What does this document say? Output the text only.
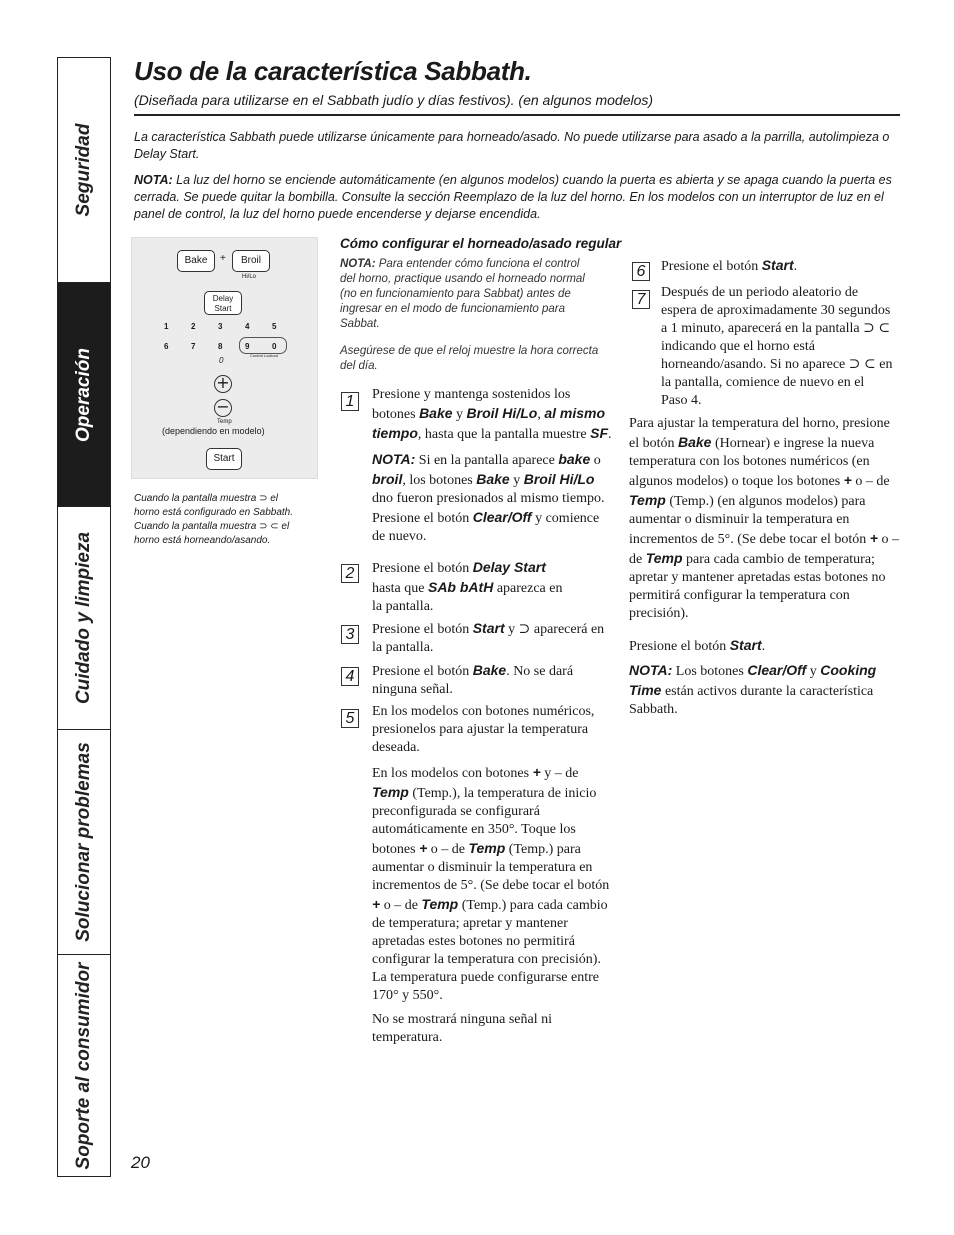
Seguridad
Operación
Cuidado y limpieza
Solucionar problemas
Soporte al consumidor
Uso de la característica Sabbath.
(Diseñada para utilizarse en el Sabbath judío y días festivos). (en algunos modelos)

La característica Sabbath puede utilizarse únicamente para horneado/asado. No puede utilizarse para asado a la parrilla, autolimpieza o Delay Start.

NOTA: La luz del horno se enciende automáticamente (en algunos modelos) cuando la puerta es abierta y se apaga cuando la puerta es cerrada. Se puede quitar la bombilla. Consulte la sección Reemplazo de la luz del horno. En los modelos con un interruptor de luz en el panel de control, la luz del horno puede encenderse y dejarse encendida.

Bake	+	Broil
Hi/Lo
Delay
Start
1	2	3	4	5
6	7	8	9	0
Control Lockout
0
+
−
Temp
(dependiendo en modelo)
Start
Cuando la pantalla muestra ⊃ el horno está configurado en Sabbath. Cuando la pantalla muestra ⊃ ⊂ el horno está horneando/asando.
Cómo configurar el horneado/asado regular
NOTA: Para entender cómo funciona el control del horno, practique usando el horneado normal (no en funcionamiento para Sabbat) antes de ingresar en el modo de funcionamiento para Sabbat.
Asegúrese de que el reloj muestre la hora correcta del día.
1	Presione y mantenga sostenidos los botones Bake y Broil Hi/Lo, al mismo tiempo, hasta que la pantalla muestre SF.
NOTA: Si en la pantalla aparece bake o broil, los botones Bake y Broil Hi/Lo dno fueron presionados al mismo tiempo. Presione el botón Clear/Off y comience de nuevo.
2	Presione el botón Delay Start hasta que SAb bAtH aparezca en la pantalla.
3	Presione el botón Start y ⊃ aparecerá en la pantalla.
4	Presione el botón Bake. No se dará ninguna señal.
5	En los modelos con botones numéricos, presionelos para ajustar la temperatura deseada.
En los modelos con botones + y – de Temp (Temp.), la temperatura de inicio preconfigurada se configurará automáticamente en 350°. Toque los botones + o – de Temp (Temp.) para aumentar o disminuir la temperatura en incrementos de 5°. (Se debe tocar el botón + o – de Temp (Temp.) para cada cambio de temperatura; apretar y mantener apretadas estes botones no permitirá configurar la temperatura con precisión). La temperatura puede configurarse entre 170° y 550°.
No se mostrará ninguna señal ni temperatura.
6	Presione el botón Start.
7	Después de un periodo aleatorio de espera de aproximadamente 30 segundos a 1 minuto, aparecerá en la pantalla ⊃ ⊂ indicando que el horno está horneando/asando. Si no aparece ⊃ ⊂ en la pantalla, comience de nuevo en el Paso 4.
Para ajustar la temperatura del horno, presione el botón Bake (Hornear) e ingrese la nueva temperatura con los botones numéricos (en algunos modelos) o toque los botones + o – de Temp (Temp.) (en algunos modelos) para aumentar o disminuir la temperatura en incrementos de 5°. (Se debe tocar el botón + o – de Temp para cada cambio de temperatura; apretar y mantener apretadas estas botones no permitirá configurar la temperatura con precisión).
Presione el botón Start.
NOTA: Los botones Clear/Off y Cooking Time están activos durante la característica Sabbath.
20
